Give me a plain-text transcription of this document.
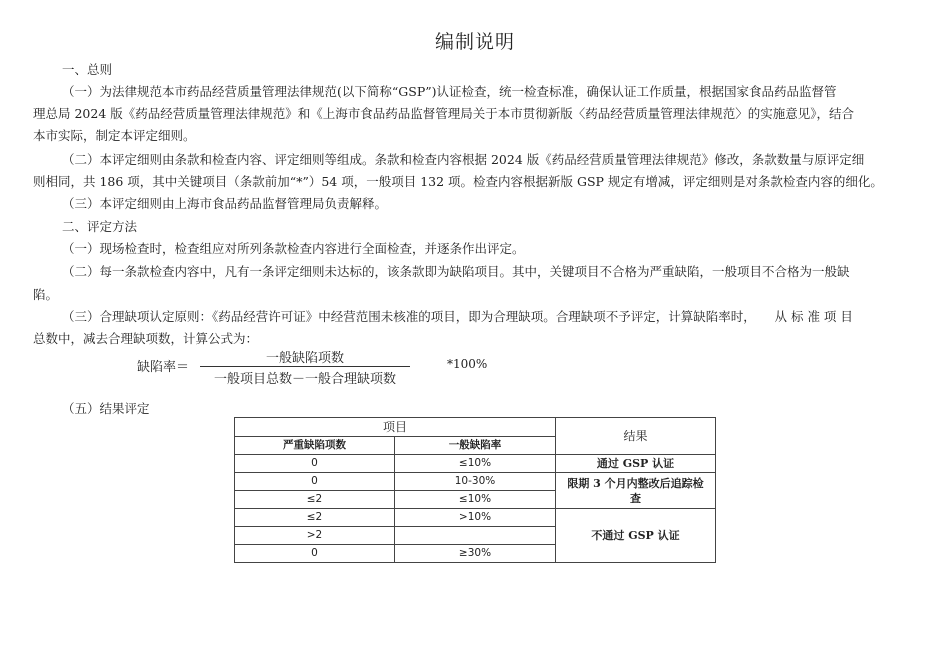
编制说明
一、总则
（一）为法律规范本市药品经营质量管理法律规范(以下简称“GSP”)认证检查，统一检查标准，确保认证工作质量，根据国家食品药品监督管
理总局 2024 版《药品经营质量管理法律规范》和《上海市食品药品监督管理局关于本市贯彻新版〈药品经营质量管理法律规范〉的实施意见》，结合
本市实际，制定本评定细则。
（二）本评定细则由条款和检查内容、评定细则等组成。条款和检查内容根据 2024 版《药品经营质量管理法律规范》修改，条款数量与原评定细
则相同，共 186 项，其中关键项目（条款前加“*”）54 项，一般项目 132 项。检查内容根据新版 GSP 规定有增减，评定细则是对条款检查内容的细化。
（三）本评定细则由上海市食品药品监督管理局负责解释。
二、评定方法
（一）现场检查时，检查组应对所列条款检查内容进行全面检查，并逐条作出评定。
（二）每一条款检查内容中，凡有一条评定细则未达标的，该条款即为缺陷项目。其中，关键项目不合格为严重缺陷，一般项目不合格为一般缺
陷。
（三）合理缺项认定原则：《药品经营许可证》中经营范围未核准的项目，即为合理缺项。合理缺项不予评定，计算缺陷率时，　　从 标 准 项 目
总数中，减去合理缺项数，计算公式为：
缺陷率＝
一般缺陷项数
一般项目总数－一般合理缺项数
*100%
（五）结果评定
项目		结果
严重缺陷项数	一般缺陷率	
0	≤10%	通过 GSP 认证
0	10-30%	限期 3 个月内整改后追踪检查
≤2	≤10%	
≤2	>10%	不通过 GSP 认证
>2		
0	≥30%	
